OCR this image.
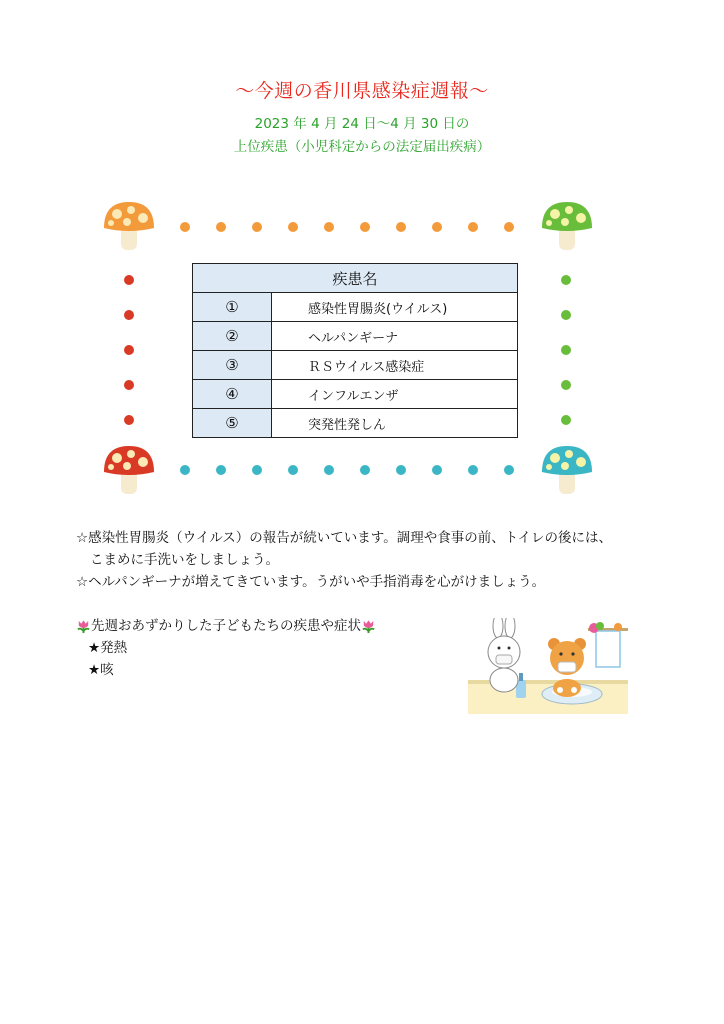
〜今週の香川県感染症週報〜
2023 年 4 月 24 日〜4 月 30 日の
上位疾患（小児科定からの法定届出疾病）
疾患名	
①	感染性胃腸炎(ウイルス)
②	ヘルパンギーナ
③	ＲＳウイルス感染症
④	インフルエンザ
⑤	突発性発しん
☆感染性胃腸炎（ウイルス）の報告が続いています。調理や食事の前、トイレの後には、
こまめに手洗いをしましょう。
☆ヘルパンギーナが増えてきています。うがいや手指消毒を心がけましょう。
先週おあずかりした子どもたちの疾患や症状
★発熱
★咳
